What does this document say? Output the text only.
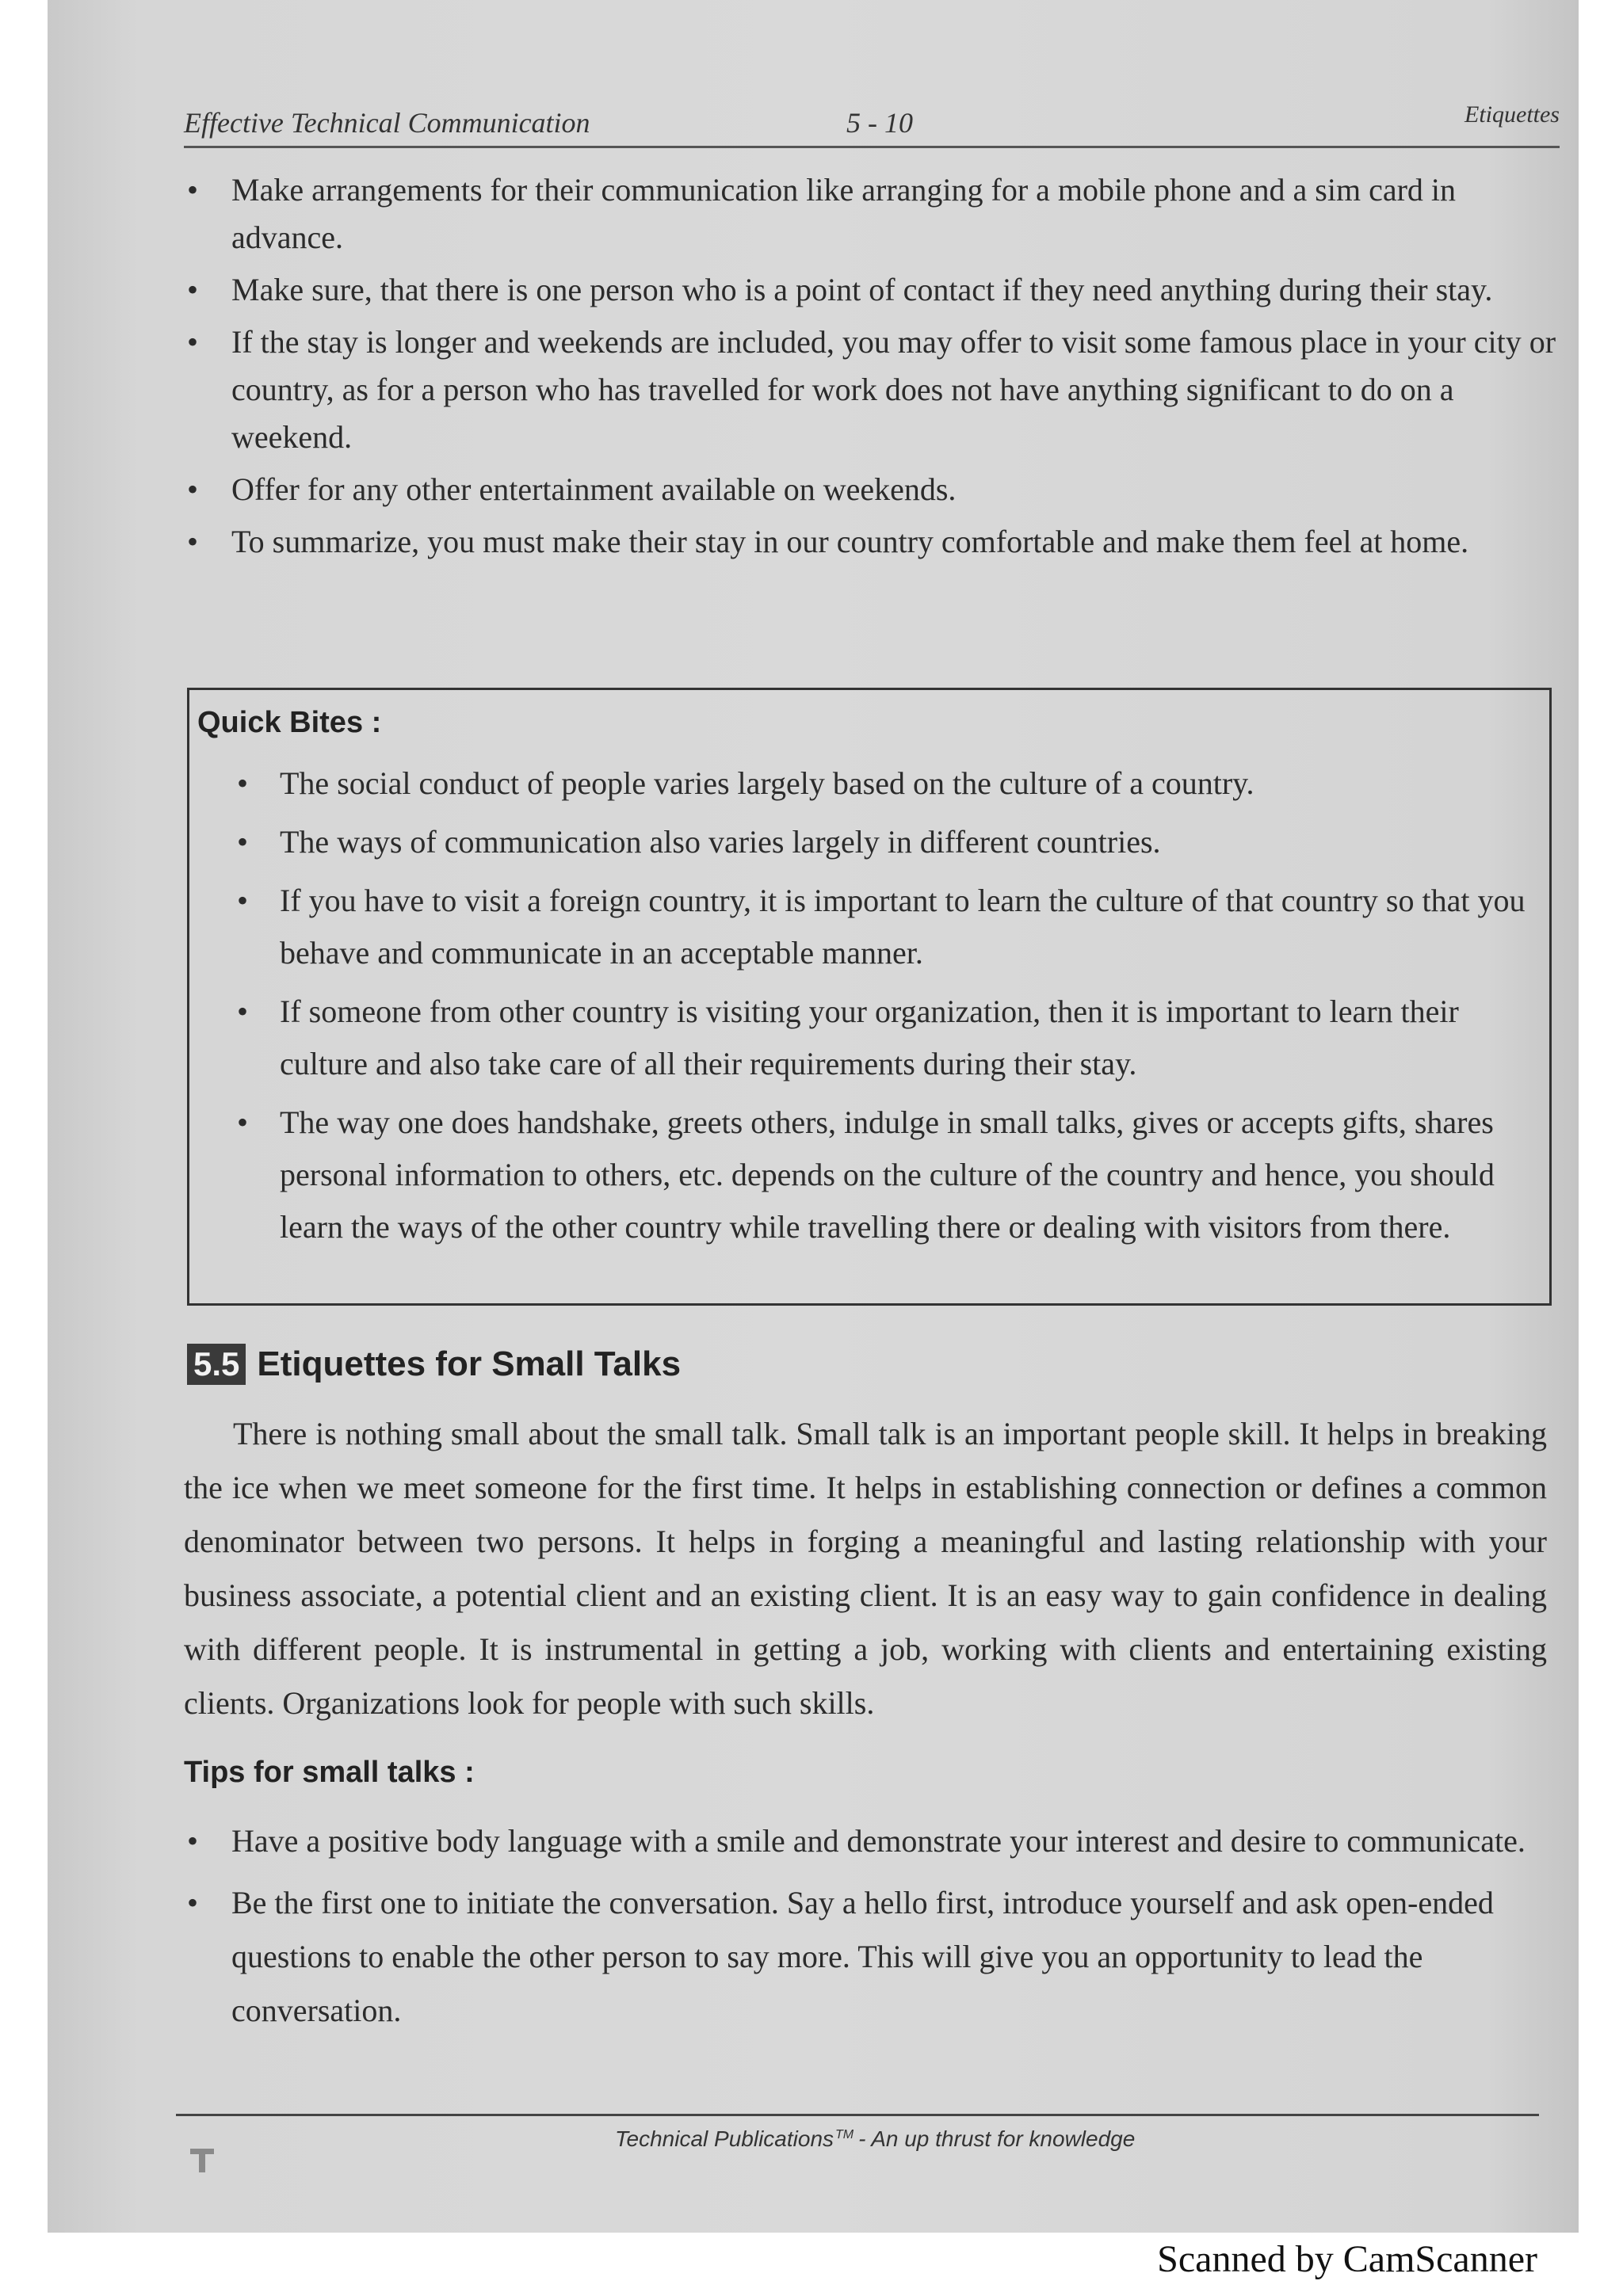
Effective Technical Communication	5 - 10	Etiquettes
• Make arrangements for their communication like arranging for a mobile phone and a sim card in advance.
• Make sure, that there is one person who is a point of contact if they need anything during their stay.
• If the stay is longer and weekends are included, you may offer to visit some famous place in your city or country, as for a person who has travelled for work does not have anything significant to do on a weekend.
• Offer for any other entertainment available on weekends.
• To summarize, you must make their stay in our country comfortable and make them feel at home.
Quick Bites :
• The social conduct of people varies largely based on the culture of a country.
• The ways of communication also varies largely in different countries.
• If you have to visit a foreign country, it is important to learn the culture of that country so that you behave and communicate in an acceptable manner.
• If someone from other country is visiting your organization, then it is important to learn their culture and also take care of all their requirements during their stay.
• The way one does handshake, greets others, indulge in small talks, gives or accepts gifts, shares personal information to others, etc. depends on the culture of the country and hence, you should learn the ways of the other country while travelling there or dealing with visitors from there.
5.5 Etiquettes for Small Talks

There is nothing small about the small talk. Small talk is an important people skill. It helps in breaking the ice when we meet someone for the first time. It helps in establishing connection or defines a common denominator between two persons. It helps in forging a meaningful and lasting relationship with your business associate, a potential client and an existing client. It is an easy way to gain confidence in dealing with different people. It is instrumental in getting a job, working with clients and entertaining existing clients. Organizations look for people with such skills.

Tips for small talks :
• Have a positive body language with a smile and demonstrate your interest and desire to communicate.
• Be the first one to initiate the conversation. Say a hello first, introduce yourself and ask open-ended questions to enable the other person to say more. This will give you an opportunity to lead the conversation.
Technical Publications ™ - An up thrust for knowledge
Scanned by CamScanner
